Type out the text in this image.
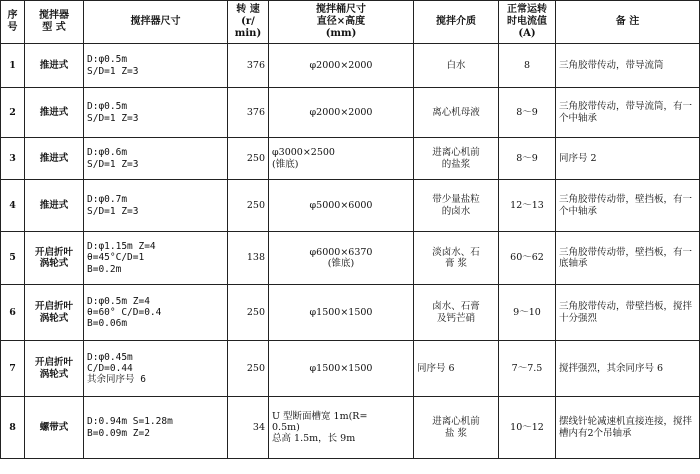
序号	搅拌器
型 式	搅拌器尺寸	转 速
(r/
min)	搅拌桶尺寸
直径×高度
(mm)	搅拌介质	正常运转
时电流值
(A)	备 注
1	推进式	D:φ0.5m
S/D=1 Z=3	376	φ2000×2000	白水	8	三角胶带传动，带导流筒
2	推进式	D:φ0.5m
S/D=1 Z=3	376	φ2000×2000	离心机母液	8～9	三角胶带传动，带导流筒，有一个中轴承
3	推进式	D:φ0.6m
S/D=1 Z=3	250	φ3000×2500
(锥底)	进离心机前
的盐浆	8～9	同序号 2
4	推进式	D:φ0.7m
S/D=1 Z=3	250	φ5000×6000	带少量盐粒
的卤水	12～13	三角胶带传动带，壁挡板，有一个中轴承
5	开启折叶
涡轮式	D:φ1.15m Z=4
θ=45°C/D=1
B=0.2m	138	φ6000×6370
(锥底)	淡卤水、石
膏 浆	60～62	三角胶带传动带，壁挡板，有一底轴承
6	开启折叶
涡轮式	D:φ0.5m Z=4
θ=60° C/D=0.4
B=0.06m	250	φ1500×1500	卤水、石膏
及钙芒硝	9～10	三角胶带传动，带壁挡板，搅拌十分强烈
7	开启折叶
涡轮式	D:φ0.45m
C/D=0.44
其余同序号 6	250	φ1500×1500	同序号 6	7～7.5	搅拌强烈，其余同序号 6
8	螺带式	D:0.94m S=1.28m
B=0.09m Z=2	34	U 型断面槽宽 1m(R=
0.5m)
总高 1.5m，长 9m	进离心机前
盐 浆	10～12	摆线针轮减速机直接连接，搅拌槽内有2个吊轴承
